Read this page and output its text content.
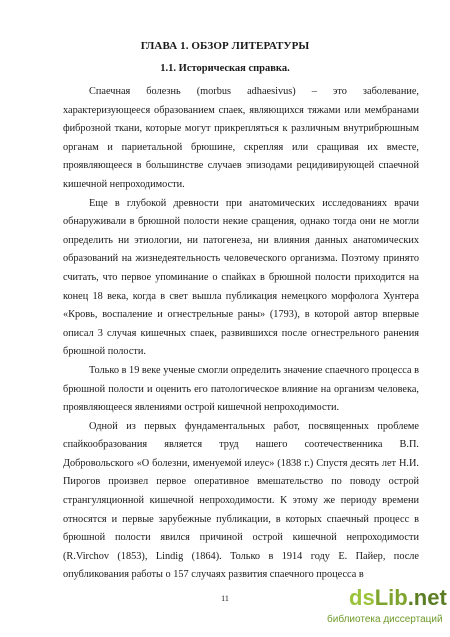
ГЛАВА 1. ОБЗОР ЛИТЕРАТУРЫ
1.1. Историческая справка.

Спаечная болезнь (morbus adhaesivus) – это заболевание, характеризующееся образованием спаек, являющихся тяжами или мембранами фиброзной ткани, которые могут прикрепляться к различным внутрибрюшным органам и париетальной брюшине, скрепляя или сращивая их вместе, проявляющееся в большинстве случаев эпизодами рецидивирующей спаечной кишечной непроходимости.

Еще в глубокой древности при анатомических исследованиях врачи обнаруживали в брюшной полости некие сращения, однако тогда они не могли определить ни этиологии, ни патогенеза, ни влияния данных анатомических образований на жизнедеятельность человеческого организма. Поэтому принято считать, что первое упоминание о спайках в брюшной полости приходится на конец 18 века, когда в свет вышла публикация немецкого морфолога Хунтера «Кровь, воспаление и огнестрельные раны» (1793), в которой автор впервые описал 3 случая кишечных спаек, развившихся после огнестрельного ранения брюшной полости.

Только в 19 веке ученые смогли определить значение спаечного процесса в брюшной полости и оценить его патологическое влияние на организм человека, проявляющееся явлениями острой кишечной непроходимости.

Одной из первых фундаментальных работ, посвященных проблеме спайкообразования является труд нашего соотечественника В.П. Добровольского «О болезни, именуемой илеус» (1838 г.) Спустя десять лет Н.И. Пирогов произвел первое оперативное вмешательство по поводу острой странгуляционной кишечной непроходимости. К этому же периоду времени относятся и первые зарубежные публикации, в которых спаечный процесс в брюшной полости явился причиной острой кишечной непроходимости (R.Virchov (1853), Lindig (1864). Только в 1914 году E. Пайер, после опубликования работы о 157 случаях развития спаечного процесса в

11	dsLib.net
библиотека диссертаций
